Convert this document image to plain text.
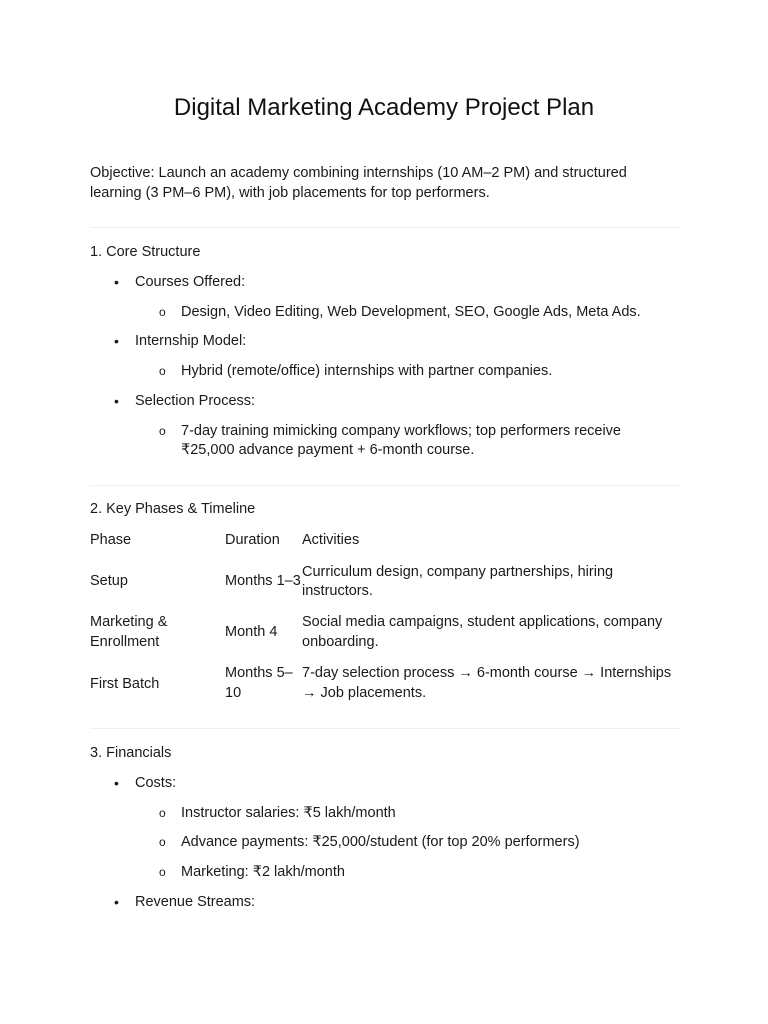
Digital Marketing Academy Project Plan
Objective: Launch an academy combining internships (10 AM–2 PM) and structured
learning (3 PM–6 PM), with job placements for top performers.
1. Core Structure
• Courses Offered:
o Design, Video Editing, Web Development, SEO, Google Ads, Meta Ads.
• Internship Model:
o Hybrid (remote/office) internships with partner companies.
• Selection Process:
o 7-day training mimicking company workflows; top performers receive
₹25,000 advance payment + 6-month course.
2. Key Phases & Timeline
Phase	Duration Activities
Setup	Months 1–3
Curriculum design, company partnerships, hiring
instructors.
Marketing &
Enrollment
Month 4
Social media campaigns, student applications, company
onboarding.
First Batch
Months 5–
10
7-day selection process → 6-month course → Internships
→ Job placements.
3. Financials
• Costs:
o Instructor salaries: ₹5 lakh/month
o Advance payments: ₹25,000/student (for top 20% performers)
o Marketing: ₹2 lakh/month
• Revenue Streams:
